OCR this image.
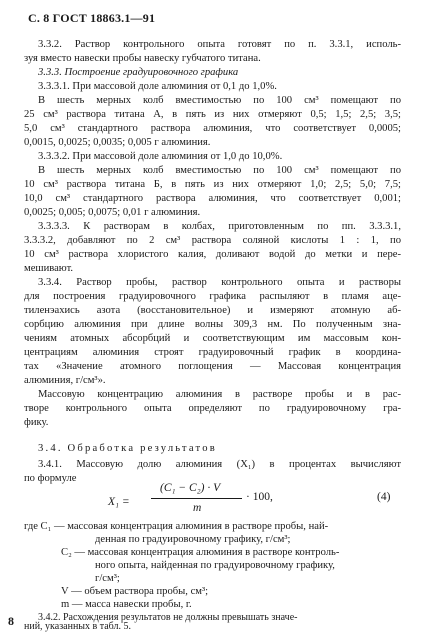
С. 8 ГОСТ 18863.1—91
3.3.2. Раствор контрольного опыта готовят по п. 3.3.1, исполь-
зуя вместо навески пробы навеску губчатого титана.
3.3.3. Построение градуировочного графика
3.3.3.1. При массовой доле алюминия от 0,1 до 1,0%.
В шесть мерных колб вместимостью по 100 см³ помещают по
25 см³ раствора титана А, в пять из них отмеряют 0,5; 1,5; 2,5; 3,5;
5,0 см³ стандартного раствора алюминия, что соответствует 0,0005;
0,0015, 0,0025; 0,0035; 0,005 г алюминия.
3.3.3.2. При массовой доле алюминия от 1,0 до 10,0%.
В шесть мерных колб вместимостью по 100 см³ помещают по
10 см³ раствора титана Б, в пять из них отмеряют 1,0; 2,5; 5,0; 7,5;
10,0 см³ стандартного раствора алюминия, что соответствует 0,001;
0,0025; 0,005; 0,0075; 0,01 г алюминия.
3.3.3.3. К растворам в колбах, приготовленным по пп. 3.3.3.1,
3.3.3.2, добавляют по 2 см³ раствора соляной кислоты 1 : 1, по
10 см³ раствора хлористого калия, доливают водой до метки и пере-
мешивают.
3.3.4. Раствор пробы, раствор контрольного опыта и растворы
для построения градуировочного графика распыляют в пламя аце-
тиленэахись азота (восстановительное) и измеряют атомную аб-
сорбцию алюминия при длине волны 309,3 нм. По полученным зна-
чениям атомных абсорбций и соответствующим им массовым кон-
центрациям алюминия строят градуировочный график в координа-
тах «Значение атомного поглощения — Массовая концентрация
алюминия, г/см³».
Массовую концентрацию алюминия в растворе пробы и в рас-
творе контрольного опыта определяют по градуировочному гра-
фику.
3.4. Обработка результатов
3.4.1. Массовую долю алюминия (X₁) в процентах вычисляют
по формуле
X₁ =
(C₁ − C₂) · V
m
· 100,	(4)
где C₁ — массовая концентрация алюминия в растворе пробы, най-
денная по градуировочному графику, г/см³;
C₂ — массовая концентрация алюминия в растворе контроль-
ного опыта, найденная по градуировочному графику,
г/см³;
V — объем раствора пробы, см³;
m — масса навески пробы, г.
3.4.2. Расхождения результатов не должны превышать значе-
ний, указанных в табл. 5.
8
